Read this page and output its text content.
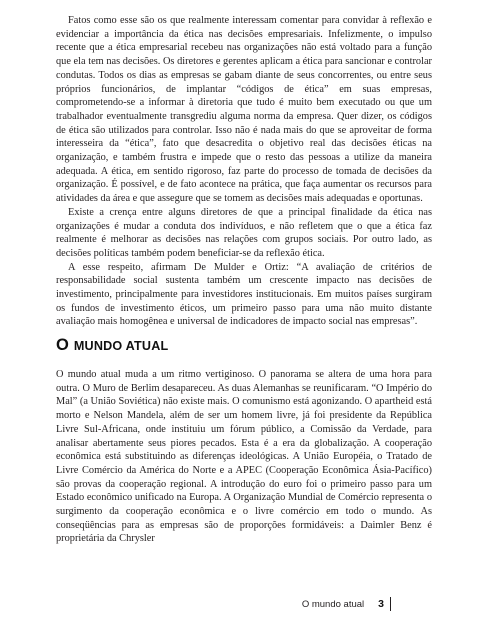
Fatos como esse são os que realmente interessam comentar para convidar à reflexão e evidenciar a importância da ética nas decisões empresariais. Infelizmente, o impulso recente que a ética empresarial recebeu nas organizações não está voltado para a função que ela tem nas decisões. Os diretores e gerentes aplicam a ética para sancionar e controlar condutas. Todos os dias as empresas se gabam diante de seus concorrentes, ou entre seus próprios funcionários, de implantar “códigos de ética” em suas empresas, comprometendo-se a informar à diretoria que tudo é muito bem executado ou que um trabalhador eventualmente transgrediu alguma norma da empresa. Quer dizer, os códigos de ética são utilizados para controlar. Isso não é nada mais do que se aproveitar de forma interesseira da “ética”, fato que desacredita o objetivo real das decisões éticas na organização, e também frustra e impede que o resto das pessoas a utilize da maneira adequada. A ética, em sentido rigoroso, faz parte do processo de tomada de decisões da organização. É possível, e de fato acontece na prática, que faça aumentar os recursos para atividades da área e que assegure que se tomem as decisões mais adequadas e oportunas.

Existe a crença entre alguns diretores de que a principal finalidade da ética nas organizações é mudar a conduta dos indivíduos, e não refletem que o que a ética faz realmente é melhorar as decisões nas relações com grupos sociais. Por outro lado, as decisões políticas também podem beneficiar-se da reflexão ética.

A esse respeito, afirmam De Mulder e Ortiz: “A avaliação de critérios de responsabilidade social sustenta também um crescente impacto nas decisões de investimento, principalmente para investidores institucionais. Em muitos países surgiram os fundos de investimento éticos, um primeiro passo para uma não muito distante avaliação mais homogênea e universal de indicadores de impacto social nas empresas”.

O MUNDO ATUAL

O mundo atual muda a um ritmo vertiginoso. O panorama se altera de uma hora para outra. O Muro de Berlim desapareceu. As duas Alemanhas se reunificaram. “O Império do Mal” (a União Soviética) não existe mais. O comunismo está agonizando. O apartheid está morto e Nelson Mandela, além de ser um homem livre, já foi presidente da República Livre Sul-Africana, onde instituiu um fórum público, a Comissão da Verdade, para analisar abertamente seus piores pecados. Esta é a era da globalização. A cooperação econômica está substituindo as diferenças ideológicas. A União Européia, o Tratado de Livre Comércio da América do Norte e a APEC (Cooperação Econômica Ásia-Pacífico) são provas da cooperação regional. A introdução do euro foi o primeiro passo para um Estado econômico unificado na Europa. A Organização Mundial de Comércio representa o surgimento da cooperação econômica e o livre comércio em todo o mundo. As conseqüências para as empresas são de proporções formidáveis: a Daimler Benz é proprietária da Chrysler

O mundo atual 3
